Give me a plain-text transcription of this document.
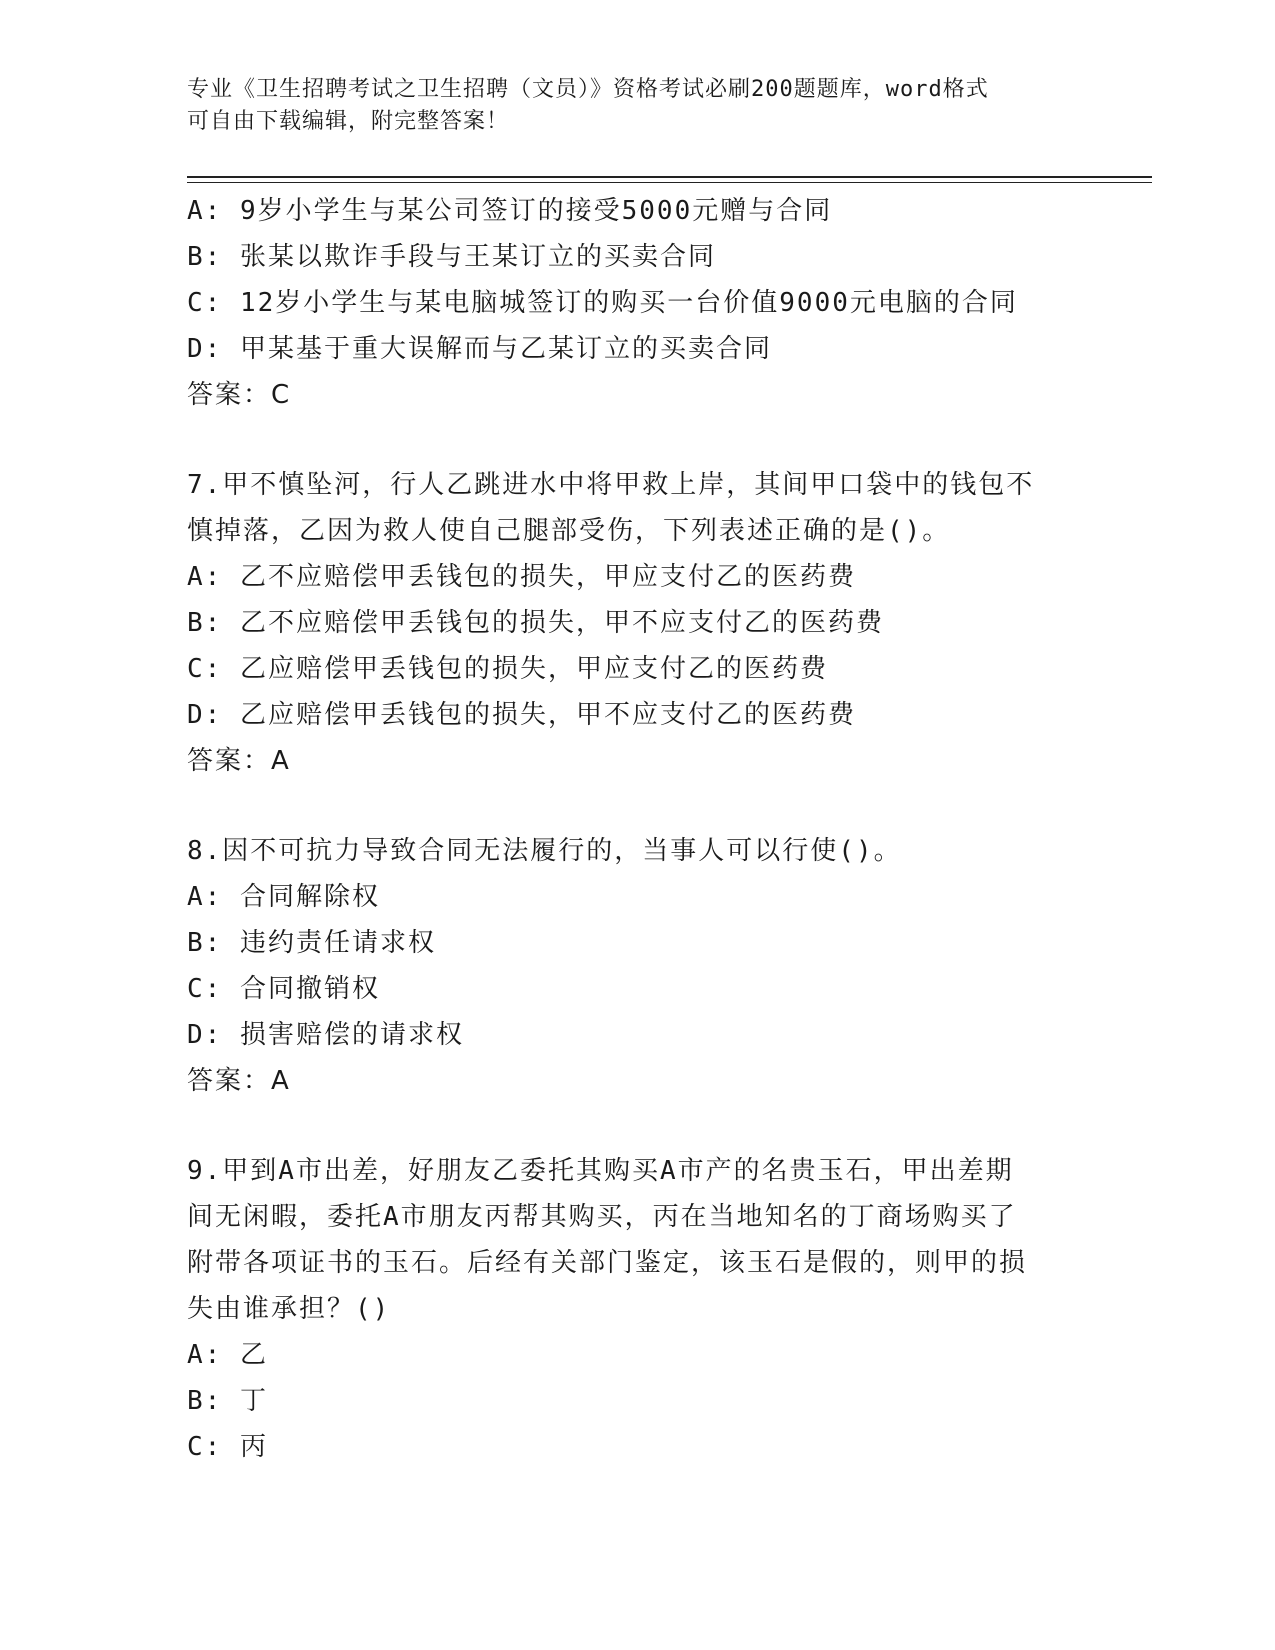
专业《卫生招聘考试之卫生招聘（文员）》资格考试必刷200题题库，word格式
可自由下载编辑，附完整答案！
A: 9岁小学生与某公司签订的接受5000元赠与合同
B: 张某以欺诈手段与王某订立的买卖合同
C: 12岁小学生与某电脑城签订的购买一台价值9000元电脑的合同
D: 甲某基于重大误解而与乙某订立的买卖合同
答案：C
7.甲不慎坠河，行人乙跳进水中将甲救上岸，其间甲口袋中的钱包不
慎掉落，乙因为救人使自己腿部受伤，下列表述正确的是()。
A: 乙不应赔偿甲丢钱包的损失，甲应支付乙的医药费
B: 乙不应赔偿甲丢钱包的损失，甲不应支付乙的医药费
C: 乙应赔偿甲丢钱包的损失，甲应支付乙的医药费
D: 乙应赔偿甲丢钱包的损失，甲不应支付乙的医药费
答案：A
8.因不可抗力导致合同无法履行的，当事人可以行使()。
A: 合同解除权
B: 违约责任请求权
C: 合同撤销权
D: 损害赔偿的请求权
答案：A
9.甲到A市出差，好朋友乙委托其购买A市产的名贵玉石，甲出差期
间无闲暇，委托A市朋友丙帮其购买，丙在当地知名的丁商场购买了
附带各项证书的玉石。后经有关部门鉴定，该玉石是假的，则甲的损
失由谁承担？()
A: 乙
B: 丁
C: 丙
